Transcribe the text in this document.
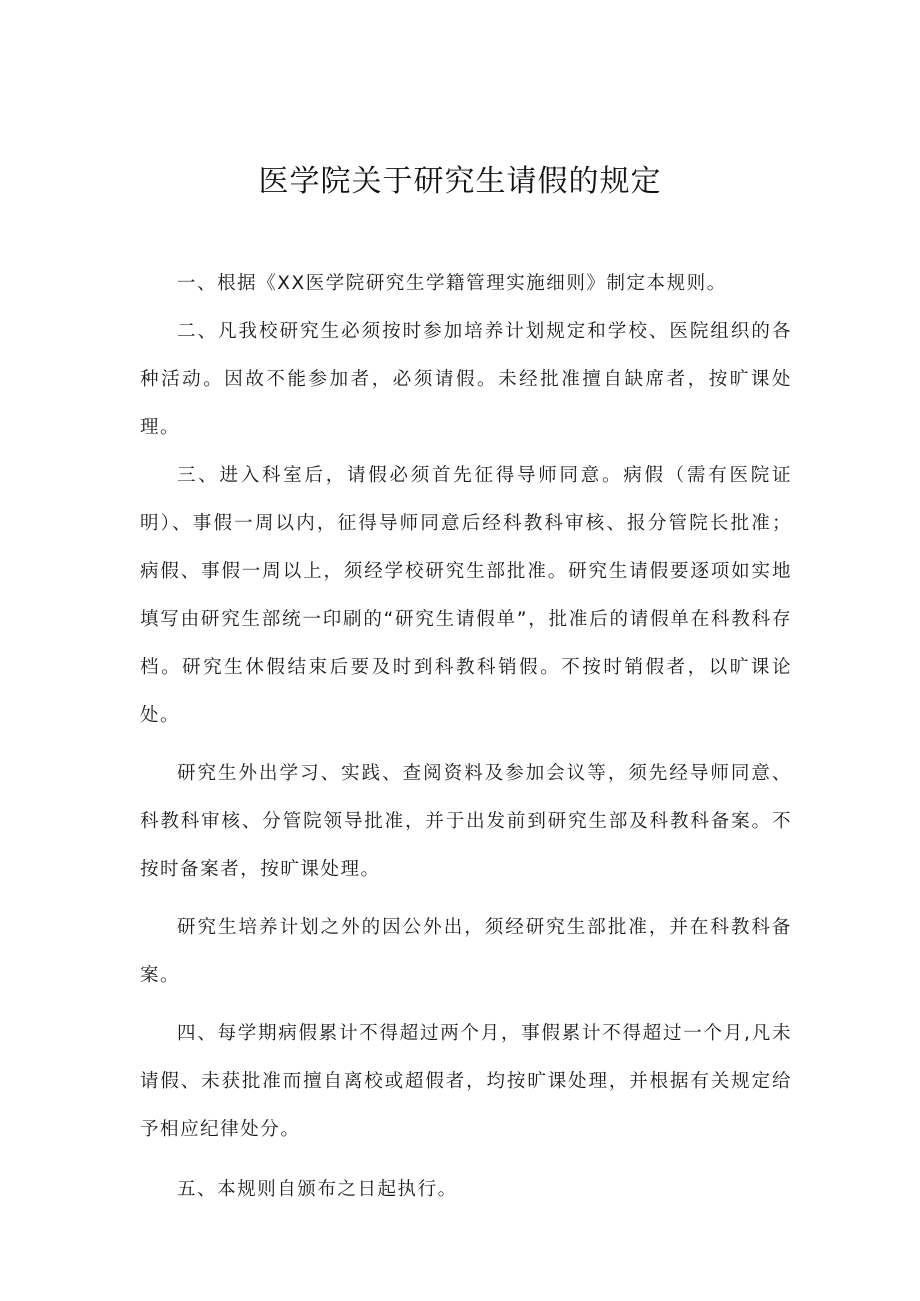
医学院关于研究生请假的规定

一、根据《XX医学院研究生学籍管理实施细则》制定本规则。

二、凡我校研究生必须按时参加培养计划规定和学校、医院组织的各种活动。因故不能参加者，必须请假。未经批准擅自缺席者，按旷课处理。

三、进入科室后，请假必须首先征得导师同意。病假（需有医院证明）、事假一周以内，征得导师同意后经科教科审核、报分管院长批准；病假、事假一周以上，须经学校研究生部批准。研究生请假要逐项如实地填写由研究生部统一印刷的“研究生请假单”，批准后的请假单在科教科存档。研究生休假结束后要及时到科教科销假。不按时销假者，以旷课论处。

研究生外出学习、实践、查阅资料及参加会议等，须先经导师同意、科教科审核、分管院领导批准，并于出发前到研究生部及科教科备案。不按时备案者，按旷课处理。

研究生培养计划之外的因公外出，须经研究生部批准，并在科教科备案。

四、每学期病假累计不得超过两个月，事假累计不得超过一个月,凡未请假、未获批准而擅自离校或超假者，均按旷课处理，并根据有关规定给予相应纪律处分。

五、本规则自颁布之日起执行。
